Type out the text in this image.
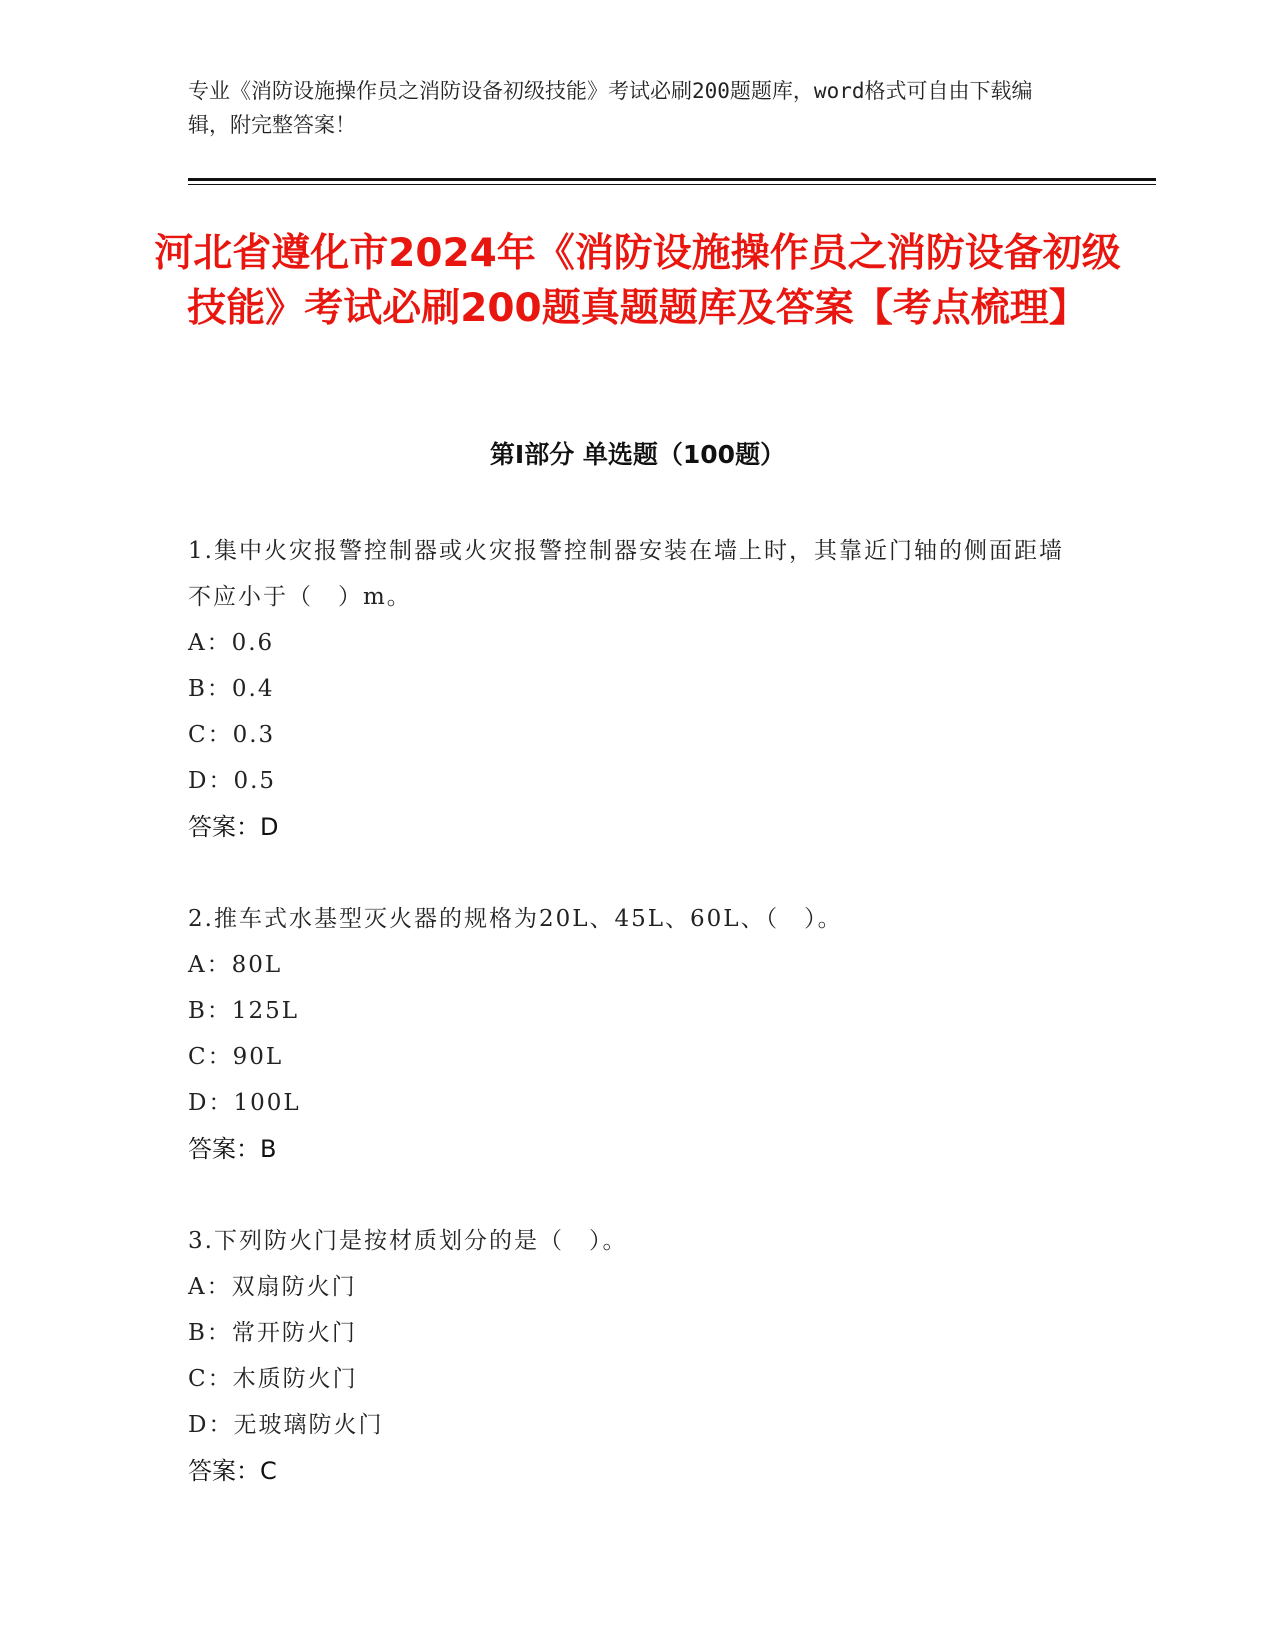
专业《消防设施操作员之消防设备初级技能》考试必刷200题题库，word格式可自由下载编辑，附完整答案！
河北省遵化市2024年《消防设施操作员之消防设备初级技能》考试必刷200题真题题库及答案【考点梳理】
第I部分 单选题（100题）
1.集中火灾报警控制器或火灾报警控制器安装在墙上时，其靠近门轴的侧面距墙不应小于（　）m。
A：0.6
B：0.4
C：0.3
D：0.5
答案：D
2.推车式水基型灭火器的规格为20L、45L、60L、（　）。
A：80L
B：125L
C：90L
D：100L
答案：B
3.下列防火门是按材质划分的是（　）。
A：双扇防火门
B：常开防火门
C：木质防火门
D：无玻璃防火门
答案：C
